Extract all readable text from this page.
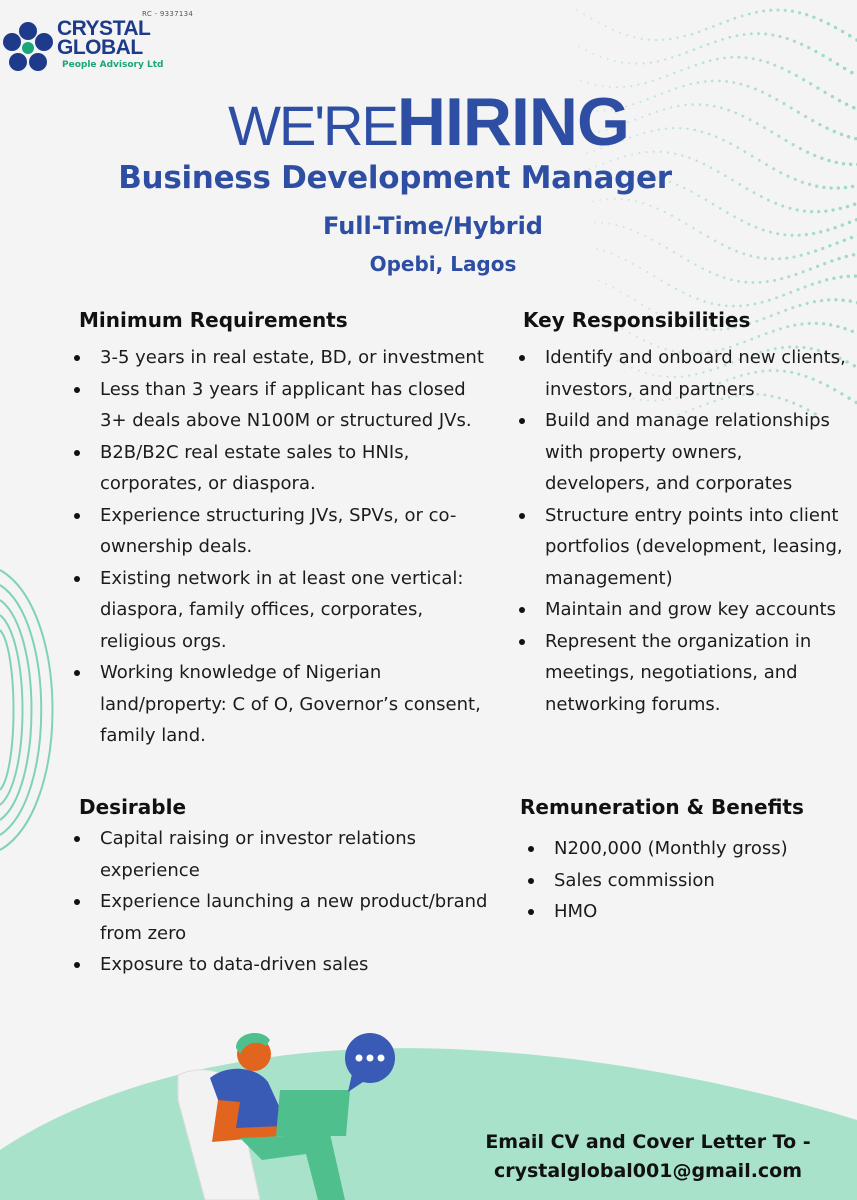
RC - 9337134
CRYSTAL
GLOBAL
People Advisory Ltd
WE'REHIRING
Business Development Manager
Full-Time/Hybrid
Opebi, Lagos
Minimum Requirements
3-5 years in real estate, BD, or investment
Less than 3 years if applicant has closed 3+ deals above N100M or structured JVs.
B2B/B2C real estate sales to HNIs, corporates, or diaspora.
Experience structuring JVs, SPVs, or co-ownership deals.
Existing network in at least one vertical: diaspora, family offices, corporates, religious orgs.
Working knowledge of Nigerian land/property: C of O, Governor’s consent, family land.
Key Responsibilities
Identify and onboard new clients, investors, and partners
Build and manage relationships with property owners, developers, and corporates
Structure entry points into client portfolios (development, leasing, management)
Maintain and grow key accounts
Represent the organization in meetings, negotiations, and networking forums.
Desirable
Capital raising or investor relations experience
Experience launching a new product/brand from zero
Exposure to data-driven sales
Remuneration & Benefits
N200,000 (Monthly gross)
Sales commission
HMO
Email CV and Cover Letter To -
crystalglobal001@gmail.com
